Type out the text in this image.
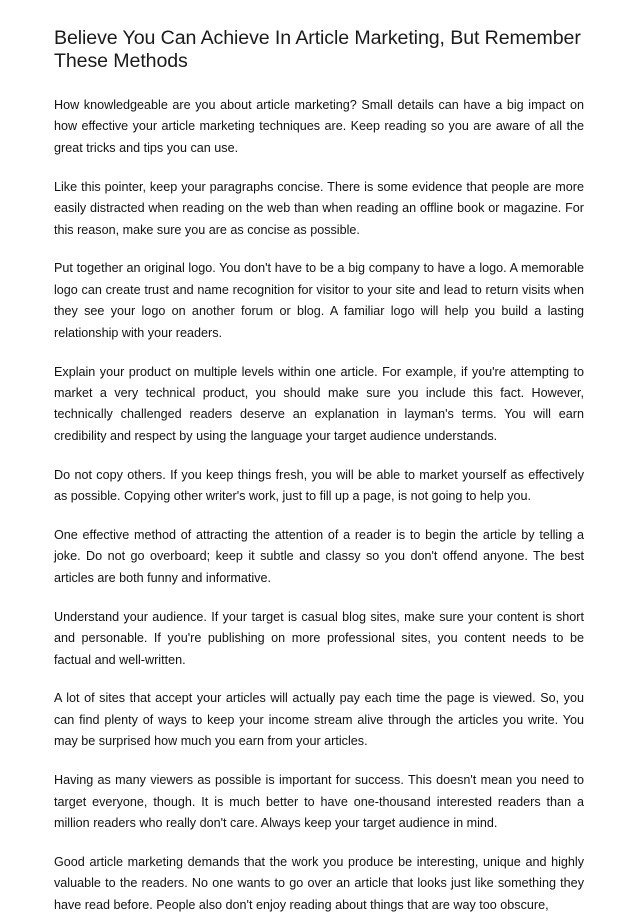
Believe You Can Achieve In Article Marketing, But Remember These Methods

How knowledgeable are you about article marketing? Small details can have a big impact on how effective your article marketing techniques are. Keep reading so you are aware of all the great tricks and tips you can use.

Like this pointer, keep your paragraphs concise. There is some evidence that people are more easily distracted when reading on the web than when reading an offline book or magazine. For this reason, make sure you are as concise as possible.

Put together an original logo. You don't have to be a big company to have a logo. A memorable logo can create trust and name recognition for visitor to your site and lead to return visits when they see your logo on another forum or blog. A familiar logo will help you build a lasting relationship with your readers.

Explain your product on multiple levels within one article. For example, if you're attempting to market a very technical product, you should make sure you include this fact. However, technically challenged readers deserve an explanation in layman's terms. You will earn credibility and respect by using the language your target audience understands.

Do not copy others. If you keep things fresh, you will be able to market yourself as effectively as possible. Copying other writer's work, just to fill up a page, is not going to help you.

One effective method of attracting the attention of a reader is to begin the article by telling a joke. Do not go overboard; keep it subtle and classy so you don't offend anyone. The best articles are both funny and informative.

Understand your audience. If your target is casual blog sites, make sure your content is short and personable. If you're publishing on more professional sites, you content needs to be factual and well-written.

A lot of sites that accept your articles will actually pay each time the page is viewed. So, you can find plenty of ways to keep your income stream alive through the articles you write. You may be surprised how much you earn from your articles.

Having as many viewers as possible is important for success. This doesn't mean you need to target everyone, though. It is much better to have one-thousand interested readers than a million readers who really don't care. Always keep your target audience in mind.

Good article marketing demands that the work you produce be interesting, unique and highly valuable to the readers. No one wants to go over an article that looks just like something they have read before. People also don't enjoy reading about things that are way too obscure,
